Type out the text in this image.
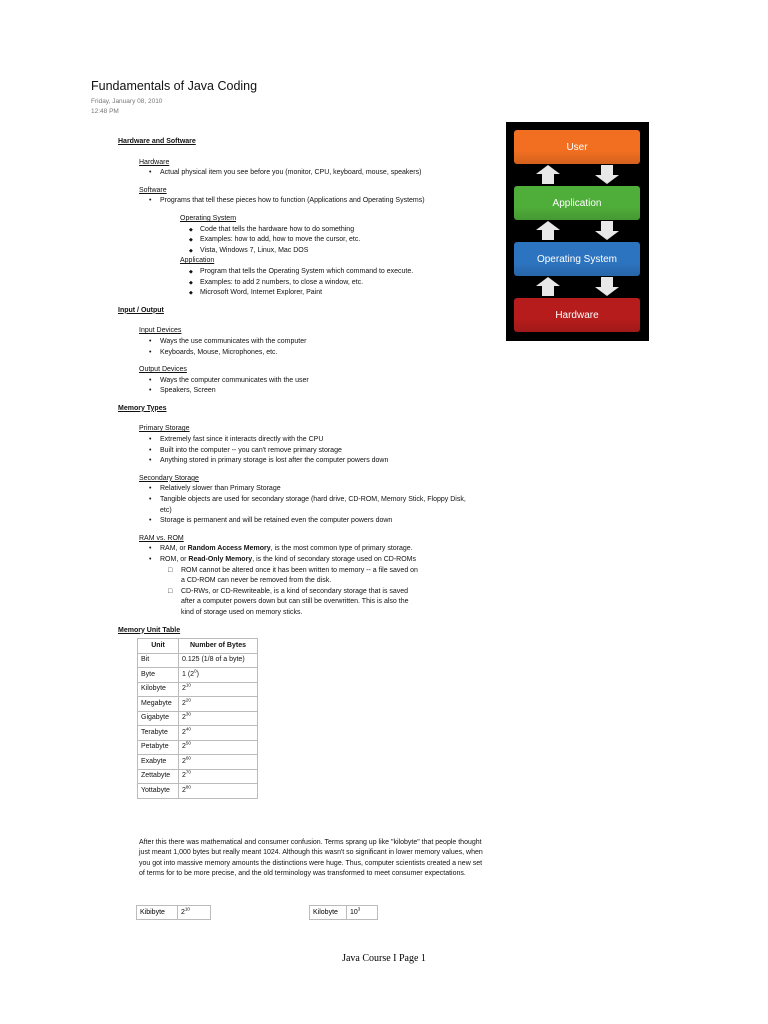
Fundamentals of Java Coding
Friday, January 08, 2010
12:48 PM

Hardware and Software

Hardware

• Actual physical item you see before you (monitor, CPU, keyboard, mouse, speakers)

Software

• Programs that tell these pieces how to function (Applications and Operating Systems)

Operating System

◆ Code that tells the hardware how to do something
◆ Examples: how to add, how to move the cursor, etc.
◆ Vista, Windows 7, Linux, Mac DOS

Application

◆ Program that tells the Operating System which command to execute.
◆ Examples: to add 2 numbers, to close a window, etc.
◆ Microsoft Word, Internet Explorer, Paint

Input / Output

Input Devices

• Ways the use communicates with the computer
• Keyboards, Mouse, Microphones, etc.

Output Devices

• Ways the computer communicates with the user
• Speakers, Screen

Memory Types

Primary Storage

• Extremely fast since it interacts directly with the CPU
• Built into the computer -- you can't remove primary storage
• Anything stored in primary storage is lost after the computer powers down

Secondary Storage

• Relatively slower than Primary Storage
• Tangible objects are used for secondary storage (hard drive, CD-ROM, Memory Stick, Floppy Disk, etc)
• Storage is permanent and will be retained even the computer powers down

RAM vs. ROM

• RAM, or Random Access Memory, is the most common type of primary storage.
• ROM, or Read-Only Memory, is the kind of secondary storage used on CD-ROMs
□ ROM cannot be altered once it has been written to memory -- a file saved on a CD-ROM can never be removed from the disk.
□ CD-RWs, or CD-Rewriteable, is a kind of secondary storage that is saved after a computer powers down but can still be overwritten. This is also the kind of storage used on memory sticks.

Memory Unit Table

Unit	Number of Bytes
Bit	0.125 (1/8 of a byte)
Byte	1 $(2^0)$
Kilobyte	$2^{10}$
Megabyte	$2^{20}$
Gigabyte	$2^{30}$
Terabyte	$2^{40}$
Petabyte	$2^{50}$
Exabyte	$2^{60}$
Zettabyte	$2^{70}$
Yottabyte	$2^{80}$
After this there was mathematical and consumer confusion. Terms sprang up like "kilobyte" that people thought just meant 1,000 bytes but really meant 1024. Although this wasn't so significant in lower memory values, when you got into massive memory amounts the distinctions were huge. Thus, computer scientists created a new set of terms for to be more precise, and the old terminology was transformed to meet consumer expectations.
Kibibyte	$2^{10}$	Kilobyte	$10^3$
User
Application
Operating System
Hardware
Java Course I Page 1
